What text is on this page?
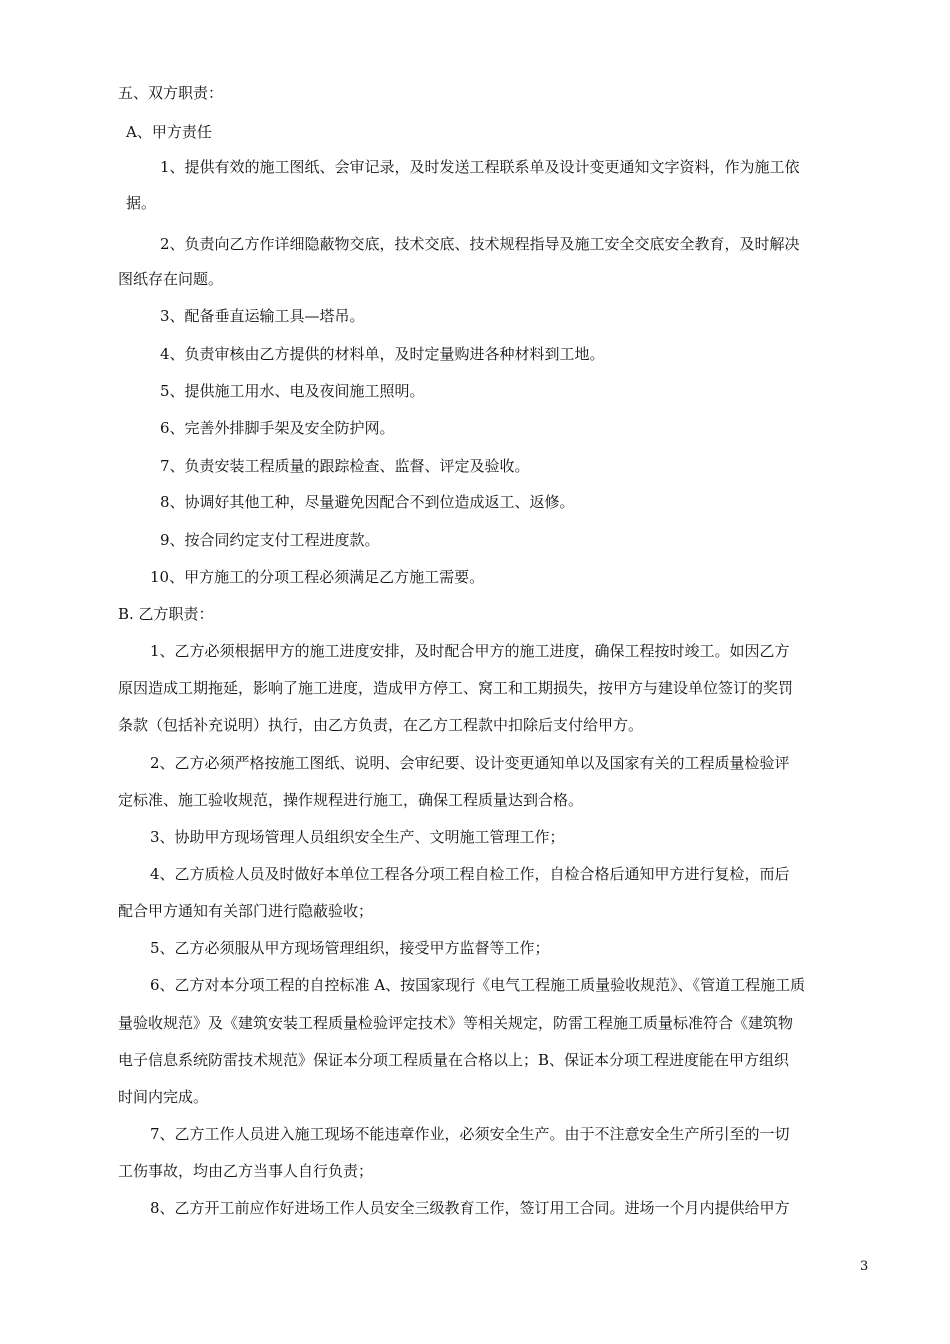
五、双方职责：

A、甲方责任

1、提供有效的施工图纸、会审记录，及时发送工程联系单及设计变更通知文字资料，作为施工依

据。

2、负责向乙方作详细隐蔽物交底，技术交底、技术规程指导及施工安全交底安全教育，及时解决

图纸存在问题。

3、配备垂直运输工具—塔吊。

4、负责审核由乙方提供的材料单，及时定量购进各种材料到工地。

5、提供施工用水、电及夜间施工照明。

6、完善外排脚手架及安全防护网。

7、负责安装工程质量的跟踪检查、监督、评定及验收。

8、协调好其他工种，尽量避免因配合不到位造成返工、返修。

9、按合同约定支付工程进度款。

10、甲方施工的分项工程必须满足乙方施工需要。

B. 乙方职责：

1、乙方必须根据甲方的施工进度安排，及时配合甲方的施工进度，确保工程按时竣工。如因乙方

原因造成工期拖延，影响了施工进度，造成甲方停工、窝工和工期损失，按甲方与建设单位签订的奖罚

条款（包括补充说明）执行，由乙方负责，在乙方工程款中扣除后支付给甲方。

2、乙方必须严格按施工图纸、说明、会审纪要、设计变更通知单以及国家有关的工程质量检验评

定标准、施工验收规范，操作规程进行施工，确保工程质量达到合格。

3、协助甲方现场管理人员组织安全生产、文明施工管理工作；

4、乙方质检人员及时做好本单位工程各分项工程自检工作，自检合格后通知甲方进行复检，而后

配合甲方通知有关部门进行隐蔽验收；

5、乙方必须服从甲方现场管理组织，接受甲方监督等工作；

6、乙方对本分项工程的自控标准 A、按国家现行《电气工程施工质量验收规范》、《管道工程施工质

量验收规范》及《建筑安装工程质量检验评定技术》等相关规定，防雷工程施工质量标准符合《建筑物

电子信息系统防雷技术规范》保证本分项工程质量在合格以上；B、保证本分项工程进度能在甲方组织

时间内完成。

7、乙方工作人员进入施工现场不能违章作业，必须安全生产。由于不注意安全生产所引至的一切

工伤事故，均由乙方当事人自行负责；

8、乙方开工前应作好进场工作人员安全三级教育工作，签订用工合同。进场一个月内提供给甲方

3
